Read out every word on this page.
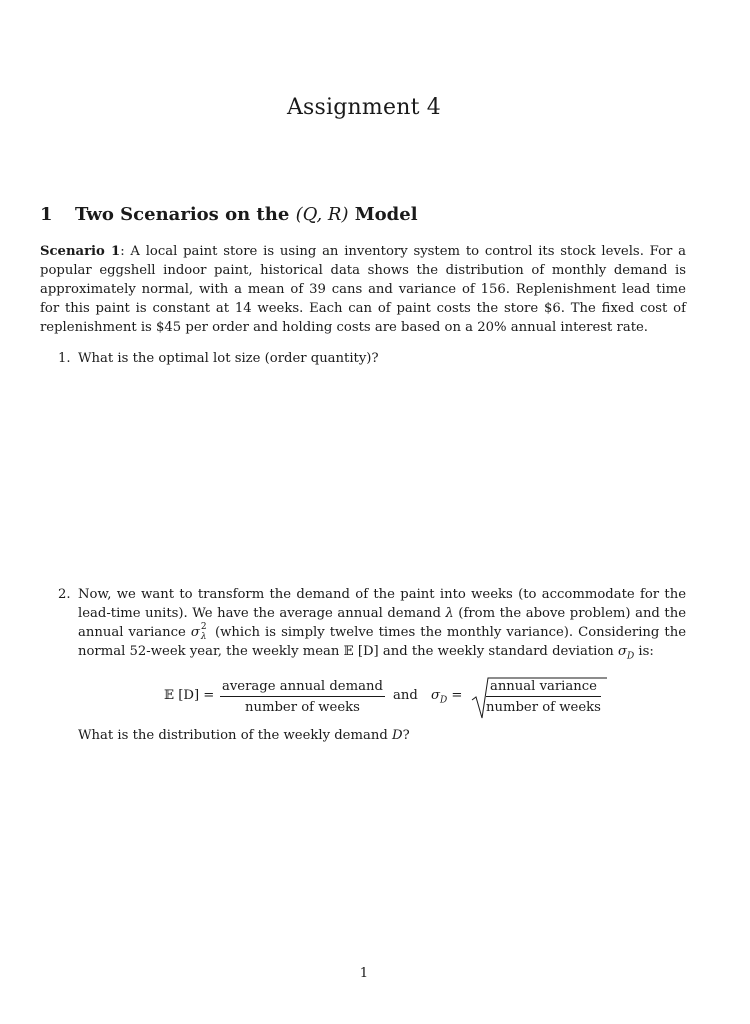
Assignment 4
1 Two Scenarios on the (Q, R) Model
Scenario 1: A local paint store is using an inventory system to control its stock levels. For a popular eggshell indoor paint, historical data shows the distribution of monthly demand is approximately normal, with a mean of 39 cans and variance of 156. Replenishment lead time for this paint is constant at 14 weeks. Each can of paint costs the store $6. The fixed cost of replenishment is $45 per order and holding costs are based on a 20% annual interest rate.
1. What is the optimal lot size (order quantity)?
2. Now, we want to transform the demand of the paint into weeks (to accommodate for the lead-time units). We have the average annual demand λ (from the above problem) and the annual variance σ 2
λ (which is simply twelve times the monthly variance). Considering the normal 52-week year, the weekly mean 𝔼 [D] and the weekly standard deviation $\sigma_D$ is:
𝔼 [D] =
average annual demand
number of weeks
and $\sigma_D$ =
annual variance
number of weeks
What is the distribution of the weekly demand D?
1
